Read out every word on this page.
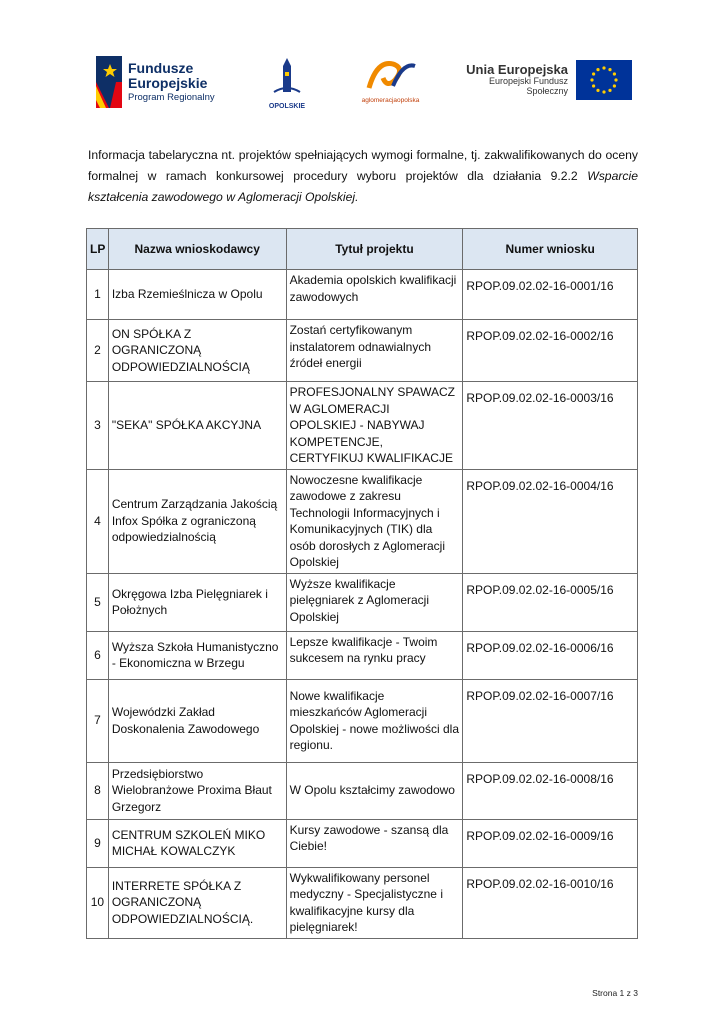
Fundusze
Europejskie
Program Regionalny
OPOLSKIE
aglomeracjaopolska
Unia Europejska
Europejski Fundusz Społeczny
Informacja tabelaryczna nt. projektów spełniających wymogi formalne, tj. zakwalifikowanych do oceny formalnej w ramach konkursowej procedury wyboru projektów dla działania 9.2.2 Wsparcie kształcenia zawodowego w Aglomeracji Opolskiej.
LP	Nazwa wnioskodawcy	Tytuł projektu	Numer wniosku
1	Izba Rzemieślnicza w Opolu	Akademia opolskich kwalifikacji zawodowych	RPOP.09.02.02-16-0001/16
2	ON SPÓŁKA Z OGRANICZONĄ ODPOWIEDZIALNOŚCIĄ	Zostań certyfikowanym instalatorem odnawialnych źródeł energii	RPOP.09.02.02-16-0002/16
3	"SEKA" SPÓŁKA AKCYJNA	PROFESJONALNY SPAWACZ W AGLOMERACJI OPOLSKIEJ - NABYWAJ KOMPETENCJE, CERTYFIKUJ KWALIFIKACJE	RPOP.09.02.02-16-0003/16
4	Centrum Zarządzania Jakością Infox Spółka z ograniczoną odpowiedzialnością	Nowoczesne kwalifikacje zawodowe z zakresu Technologii Informacyjnych i Komunikacyjnych (TIK) dla osób dorosłych z Aglomeracji Opolskiej	RPOP.09.02.02-16-0004/16
5	Okręgowa Izba Pielęgniarek i Położnych	Wyższe kwalifikacje pielęgniarek z Aglomeracji Opolskiej	RPOP.09.02.02-16-0005/16
6	Wyższa Szkoła Humanistyczno - Ekonomiczna w Brzegu	Lepsze kwalifikacje - Twoim sukcesem na rynku pracy	RPOP.09.02.02-16-0006/16
7	Wojewódzki Zakład Doskonalenia Zawodowego	Nowe kwalifikacje mieszkańców Aglomeracji Opolskiej - nowe możliwości dla regionu.	RPOP.09.02.02-16-0007/16
8	Przedsiębiorstwo Wielobranżowe Proxima Błaut Grzegorz	W Opolu kształcimy zawodowo	RPOP.09.02.02-16-0008/16
9	CENTRUM SZKOLEŃ MIKO MICHAŁ KOWALCZYK	Kursy zawodowe - szansą dla Ciebie!	RPOP.09.02.02-16-0009/16
10	INTERRETE SPÓŁKA Z OGRANICZONĄ ODPOWIEDZIALNOŚCIĄ.	Wykwalifikowany personel medyczny - Specjalistyczne i kwalifikacyjne kursy dla pielęgniarek!	RPOP.09.02.02-16-0010/16
Strona 1 z 3
